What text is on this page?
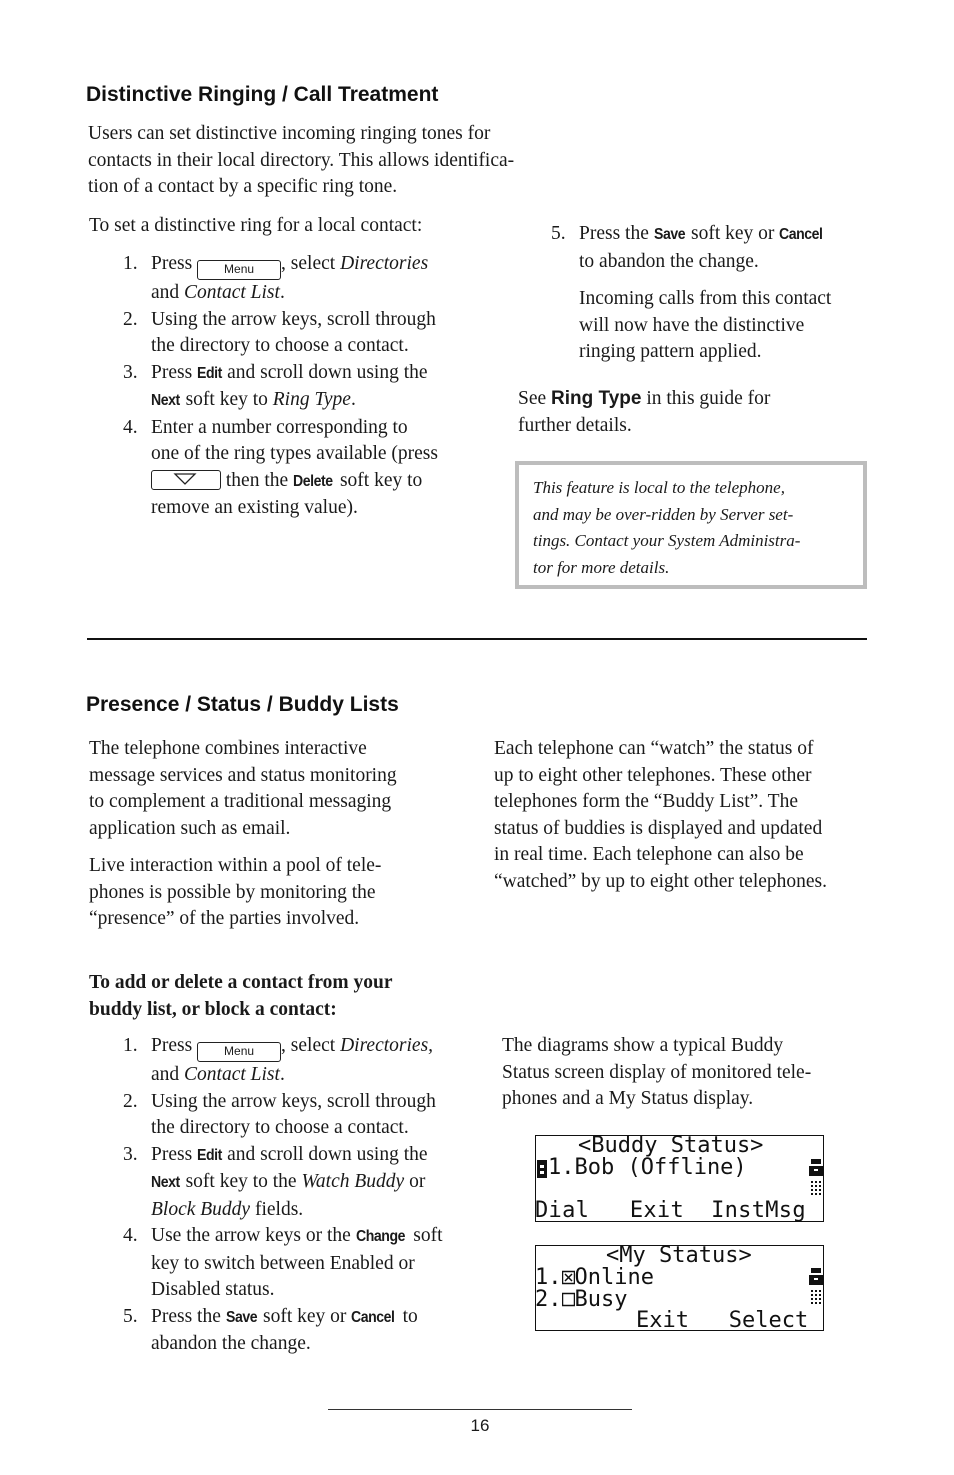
Distinctive Ringing / Call Treatment
Users can set distinctive incoming ringing tones for
contacts in their local directory. This allows identifica-
tion of a contact by a specific ring tone.
To set a distinctive ring for a local contact:
1. Press Menu , select Directories
and Contact List.
2. Using the arrow keys, scroll through
the directory to choose a contact.
3. Press Edit and scroll down using the
Next soft key to Ring Type.
4. Enter a number corresponding to
one of the ring types available (press

then the Delete soft key to
remove an existing value).
5. Press the Save soft key or Cancel
to abandon the change.
Incoming calls from this contact
will now have the distinctive
ringing pattern applied.
See Ring Type in this guide for
further details.
This feature is local to the telephone,
and may be over-ridden by Server set-
tings. Contact your System Administra-
tor for more details.
Presence / Status / Buddy Lists
The telephone combines interactive
message services and status monitoring
to complement a traditional messaging
application such as email.
Live interaction within a pool of tele-
phones is possible by monitoring the
“presence” of the parties involved.
Each telephone can “watch” the status of
up to eight other telephones. These other
telephones form the “Buddy List”. The
status of buddies is displayed and updated
in real time. Each telephone can also be
“watched” by up to eight other telephones.
To add or delete a contact from your
buddy list, or block a contact:
1. Press Menu , select Directories,
and Contact List.
2. Using the arrow keys, scroll through
the directory to choose a contact.
3. Press Edit and scroll down using the
Next soft key to the Watch Buddy or
Block Buddy fields.
4. Use the arrow keys or the Change soft
key to switch between Enabled or
Disabled status.
5. Press the Save soft key or Cancel to
abandon the change.
The diagrams show a typical Buddy
Status screen display of monitored tele-
phones and a My Status display.
<Buddy Status>
1.Bob (Offline)
Dial   Exit  InstMsg
<My Status>
1. Online
2. Busy
Exit   Select
16
